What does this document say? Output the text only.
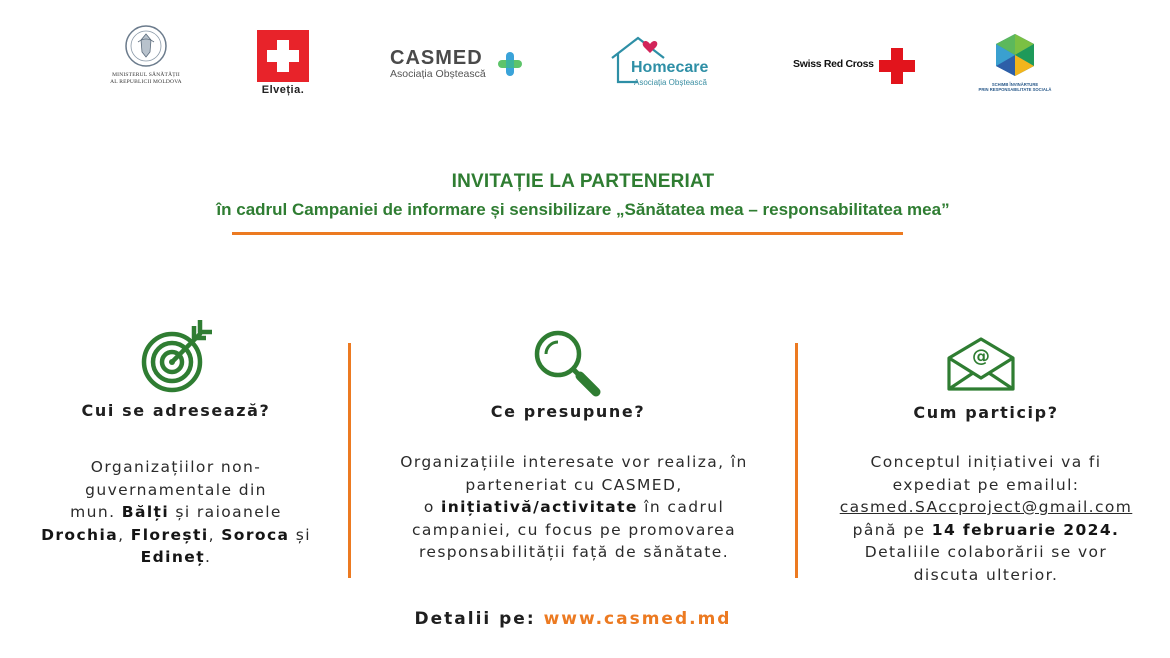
MINISTERUL SĂNĂTĂȚII
AL REPUBLICII MOLDOVA
Elveția.
CASMED
Asociația Obștească	Homecare
Asociația Obștească
Swiss Red Cross
SCHIMB ÎNVINĂRTURE
PRIN RESPONSABILITATE SOCIALĂ
INVITAȚIE LA PARTENERIAT
în cadrul Campaniei de informare și sensibilizare „Sănătatea mea – responsabilitatea mea”
Cui se adresează?
Organizațiilor non-
guvernamentale din
mun. Bălți și raioanele
Drochia, Florești, Soroca și
Edineț.
Ce presupune?
Organizațiile interesate vor realiza, în
parteneriat cu CASMED,
o inițiativă/activitate în cadrul
campaniei, cu focus pe promovarea
responsabilității față de sănătate.
@
Cum particip?
Conceptul inițiativei va fi
expediat pe emailul:
casmed.SAccproject@gmail.com
până pe 14 februarie 2024.
Detaliile colaborării se vor
discuta ulterior.
Detalii pe: www.casmed.md
